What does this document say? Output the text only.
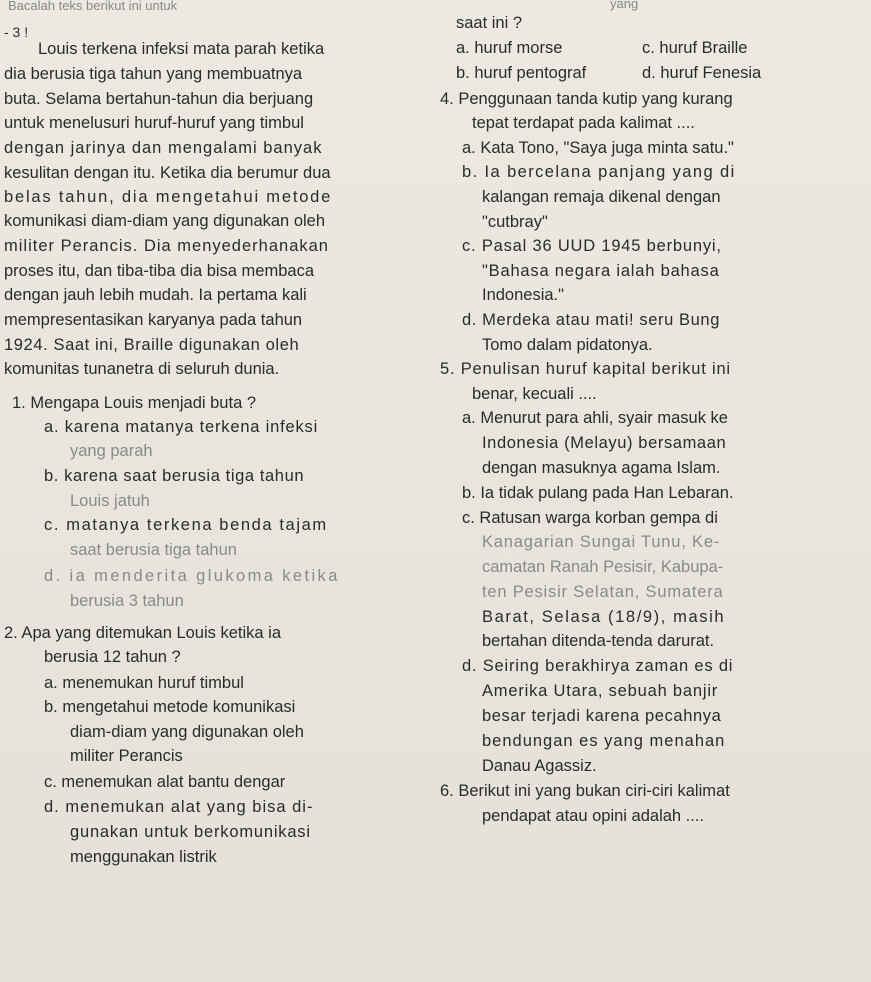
Bacalah teks berikut ini untuk
- 3 !
Louis terkena infeksi mata parah ketika
dia berusia tiga tahun yang membuatnya
buta. Selama bertahun-tahun dia berjuang
untuk menelusuri huruf-huruf yang timbul
dengan jarinya dan mengalami banyak
kesulitan dengan itu. Ketika dia berumur dua
belas tahun, dia mengetahui metode
komunikasi diam-diam yang digunakan oleh
militer Perancis. Dia menyederhanakan
proses itu, dan tiba-tiba dia bisa membaca
dengan jauh lebih mudah. Ia pertama kali
mempresentasikan karyanya pada tahun
1924. Saat ini, Braille digunakan oleh
komunitas tunanetra di seluruh dunia.
1. Mengapa Louis menjadi buta ?
a. karena matanya terkena infeksi
yang parah
b. karena saat berusia tiga tahun
Louis jatuh
c. matanya terkena benda tajam
saat berusia tiga tahun
d. ia menderita glukoma ketika
berusia 3 tahun
2. Apa yang ditemukan Louis ketika ia
berusia 12 tahun ?
a. menemukan huruf timbul
b. mengetahui metode komunikasi
diam-diam yang digunakan oleh
militer Perancis
c. menemukan alat bantu dengar
d. menemukan alat yang bisa di-
gunakan untuk berkomunikasi
menggunakan listrik
yang
saat ini ?
a. huruf morse	c. huruf Braille
b. huruf pentograf	d. huruf Fenesia
4. Penggunaan tanda kutip yang kurang
tepat terdapat pada kalimat ....
a. Kata Tono, "Saya juga minta satu."
b. Ia bercelana panjang yang di
kalangan remaja dikenal dengan
"cutbray"
c. Pasal 36 UUD 1945 berbunyi,
"Bahasa negara ialah bahasa
Indonesia."
d. Merdeka atau mati! seru Bung
Tomo dalam pidatonya.
5. Penulisan huruf kapital berikut ini
benar, kecuali ....
a. Menurut para ahli, syair masuk ke
Indonesia (Melayu) bersamaan
dengan masuknya agama Islam.
b. Ia tidak pulang pada Han Lebaran.
c. Ratusan warga korban gempa di
Kanagarian Sungai Tunu, Ke-
camatan Ranah Pesisir, Kabupa-
ten Pesisir Selatan, Sumatera
Barat, Selasa (18/9), masih
bertahan ditenda-tenda darurat.
d. Seiring berakhirya zaman es di
Amerika Utara, sebuah banjir
besar terjadi karena pecahnya
bendungan es yang menahan
Danau Agassiz.
6. Berikut ini yang bukan ciri-ciri kalimat
pendapat atau opini adalah ....
